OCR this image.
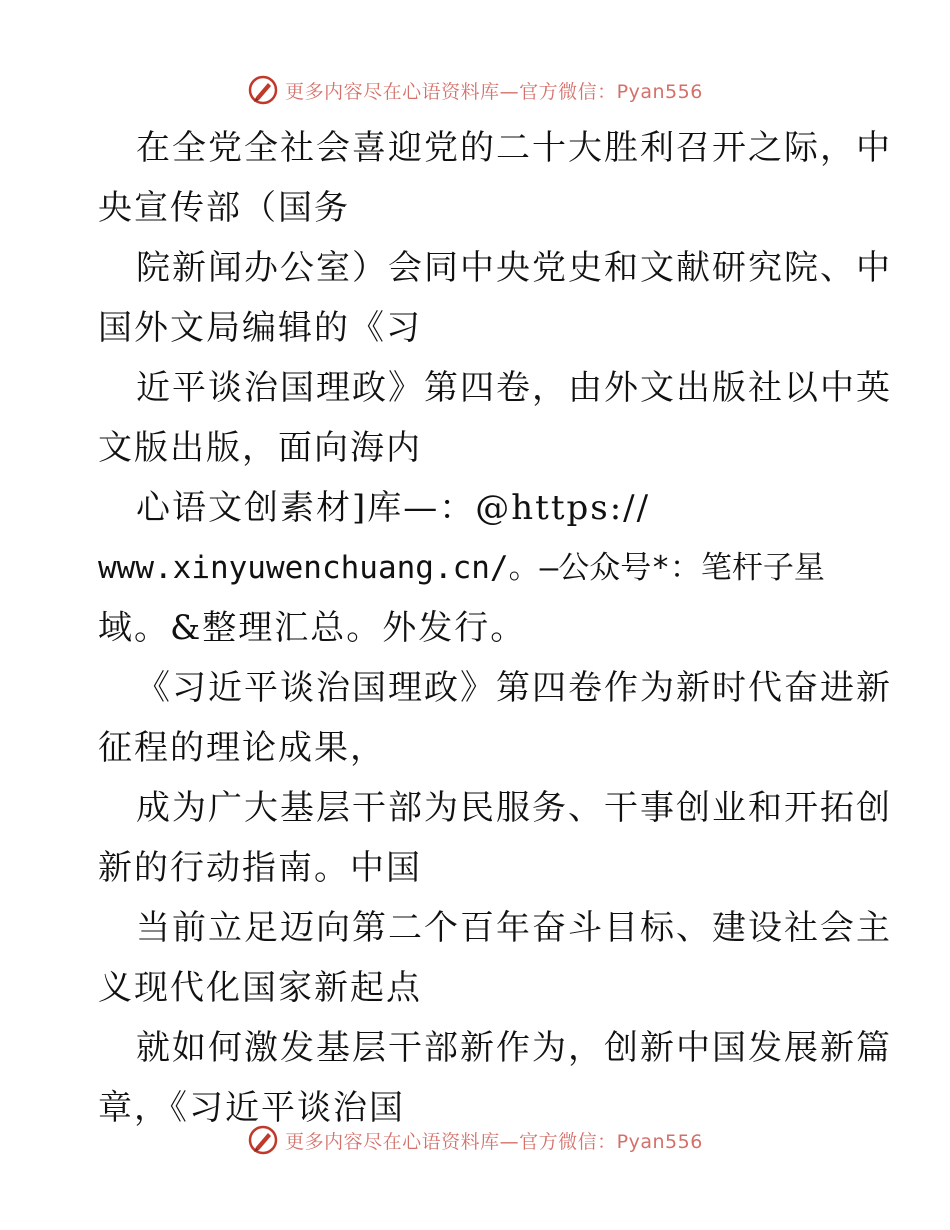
更多内容尽在心语资料库—官方微信：Pyan556
在全党全社会喜迎党的二十大胜利召开之际，中
央宣传部（国务
院新闻办公室）会同中央党史和文献研究院、中
国外文局编辑的《习
近平谈治国理政》第四卷，由外文出版社以中英
文版出版，面向海内
心语文创素材]库—：@https://
www.xinyuwenchuang.cn/。—公众号*：笔杆子星
域。&整理汇总。外发行。
《习近平谈治国理政》第四卷作为新时代奋进新
征程的理论成果，
成为广大基层干部为民服务、干事创业和开拓创
新的行动指南。中国
当前立足迈向第二个百年奋斗目标、建设社会主
义现代化国家新起点
就如何激发基层干部新作为，创新中国发展新篇
章，《习近平谈治国
更多内容尽在心语资料库—官方微信：Pyan556
